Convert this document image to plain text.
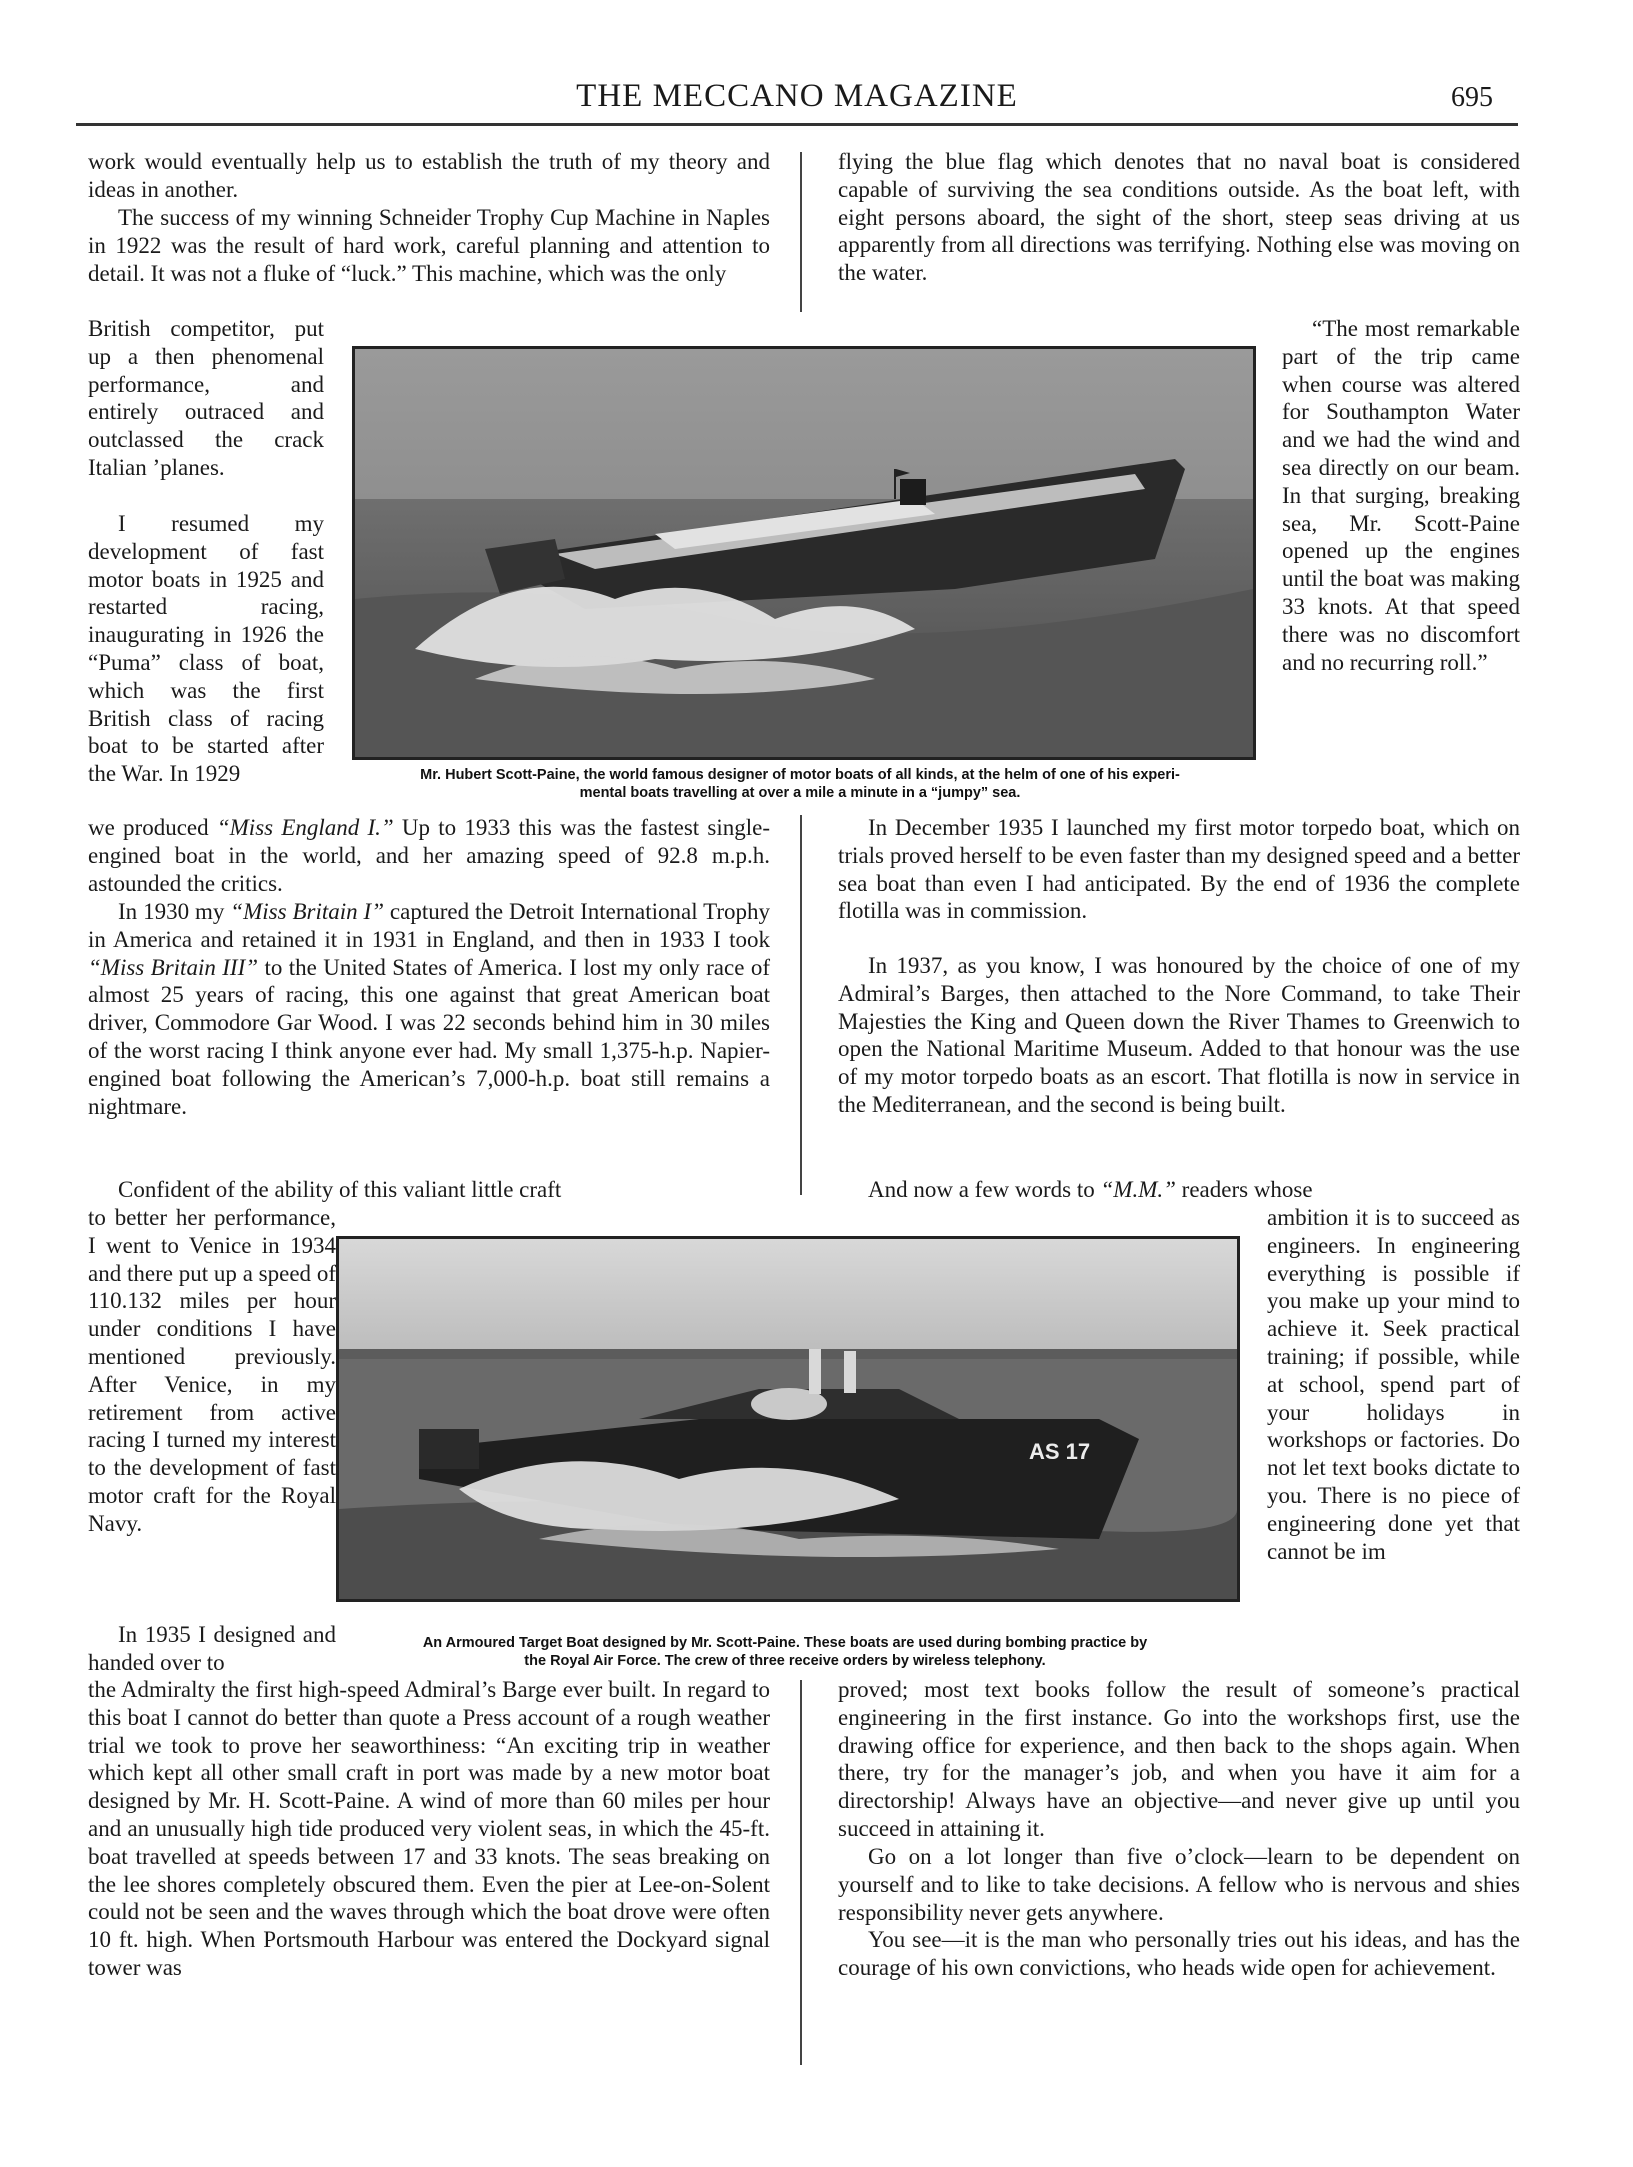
THE MECCANO MAGAZINE	695

work would eventually help us to establish the truth of my theory and ideas in another.

The success of my winning Schneider Trophy Cup Machine in Naples in 1922 was the result of hard work, careful planning and attention to detail. It was not a fluke of “luck.” This machine, which was the only

British competitor, put up a then phenomenal performance, and entirely outraced and outclassed the crack Italian ’planes.

I resumed my development of fast motor boats in 1925 and restarted racing, inaugurating in 1926 the “Puma” class of boat, which was the first British class of racing boat to be started after the War. In 1929

we produced “Miss England I.” Up to 1933 this was the fastest single-engined boat in the world, and her amazing speed of 92.8 m.p.h. astounded the critics.

In 1930 my “Miss Britain I” captured the Detroit International Trophy in America and retained it in 1931 in England, and then in 1933 I took “Miss Britain III” to the United States of America. I lost my only race of almost 25 years of racing, this one against that great American boat driver, Commodore Gar Wood. I was 22 seconds behind him in 30 miles of the worst racing I think anyone ever had. My small 1,375-h.p. Napier-engined boat following the American’s 7,000-h.p. boat still remains a nightmare.

Confident of the ability of this valiant little craft

to better her performance, I went to Venice in 1934 and there put up a speed of 110.132 miles per hour under conditions I have mentioned previously. After Venice, in my retirement from active racing I turned my interest to the development of fast motor craft for the Royal Navy.

In 1935 I designed and handed over to

the Admiralty the first high-speed Admiral’s Barge ever built. In regard to this boat I cannot do better than quote a Press account of a rough weather trial we took to prove her seaworthiness: “An exciting trip in weather which kept all other small craft in port was made by a new motor boat designed by Mr. H. Scott-Paine. A wind of more than 60 miles per hour and an unusually high tide produced very violent seas, in which the 45-ft. boat travelled at speeds between 17 and 33 knots. The seas breaking on the lee shores completely obscured them. Even the pier at Lee-on-Solent could not be seen and the waves through which the boat drove were often 10 ft. high. When Portsmouth Harbour was entered the Dockyard signal tower was

flying the blue flag which denotes that no naval boat is considered capable of surviving the sea conditions outside. As the boat left, with eight persons aboard, the sight of the short, steep seas driving at us apparently from all directions was terrifying. Nothing else was moving on the water.

“The most remarkable part of the trip came when course was altered for Southampton Water and we had the wind and sea directly on our beam. In that surging, breaking sea, Mr. Scott-Paine opened up the engines until the boat was making 33 knots. At that speed there was no discomfort and no recurring roll.”

In December 1935 I launched my first motor torpedo boat, which on trials proved herself to be even faster than my designed speed and a better sea boat than even I had anticipated. By the end of 1936 the complete flotilla was in commission.

In 1937, as you know, I was honoured by the choice of one of my Admiral’s Barges, then attached to the Nore Command, to take Their Majesties the King and Queen down the River Thames to Greenwich to open the National Maritime Museum. Added to that honour was the use of my motor torpedo boats as an escort. That flotilla is now in service in the Mediterranean, and the second is being built.

And now a few words to “M.M.” readers whose

ambition it is to succeed as engineers. In engineering everything is possible if you make up your mind to achieve it. Seek practical training; if possible, while at school, spend part of your holidays in workshops or factories. Do not let text books dictate to you. There is no piece of engineering done yet that cannot be im

proved; most text books follow the result of someone’s practical engineering in the first instance. Go into the workshops first, use the drawing office for experience, and then back to the shops again. When there, try for the manager’s job, and when you have it aim for a directorship! Always have an objective—and never give up until you succeed in attaining it.

Go on a lot longer than five o’clock—learn to be dependent on yourself and to like to take decisions. A fellow who is nervous and shies responsibility never gets anywhere.

You see—it is the man who personally tries out his ideas, and has the courage of his own convictions, who heads wide open for achievement.

Mr. Hubert Scott-Paine, the world famous designer of motor boats of all kinds, at the helm of one of his experi-
mental boats travelling at over a mile a minute in a “jumpy” sea.
AS 17
An Armoured Target Boat designed by Mr. Scott-Paine. These boats are used during bombing practice by
the Royal Air Force. The crew of three receive orders by wireless telephony.
